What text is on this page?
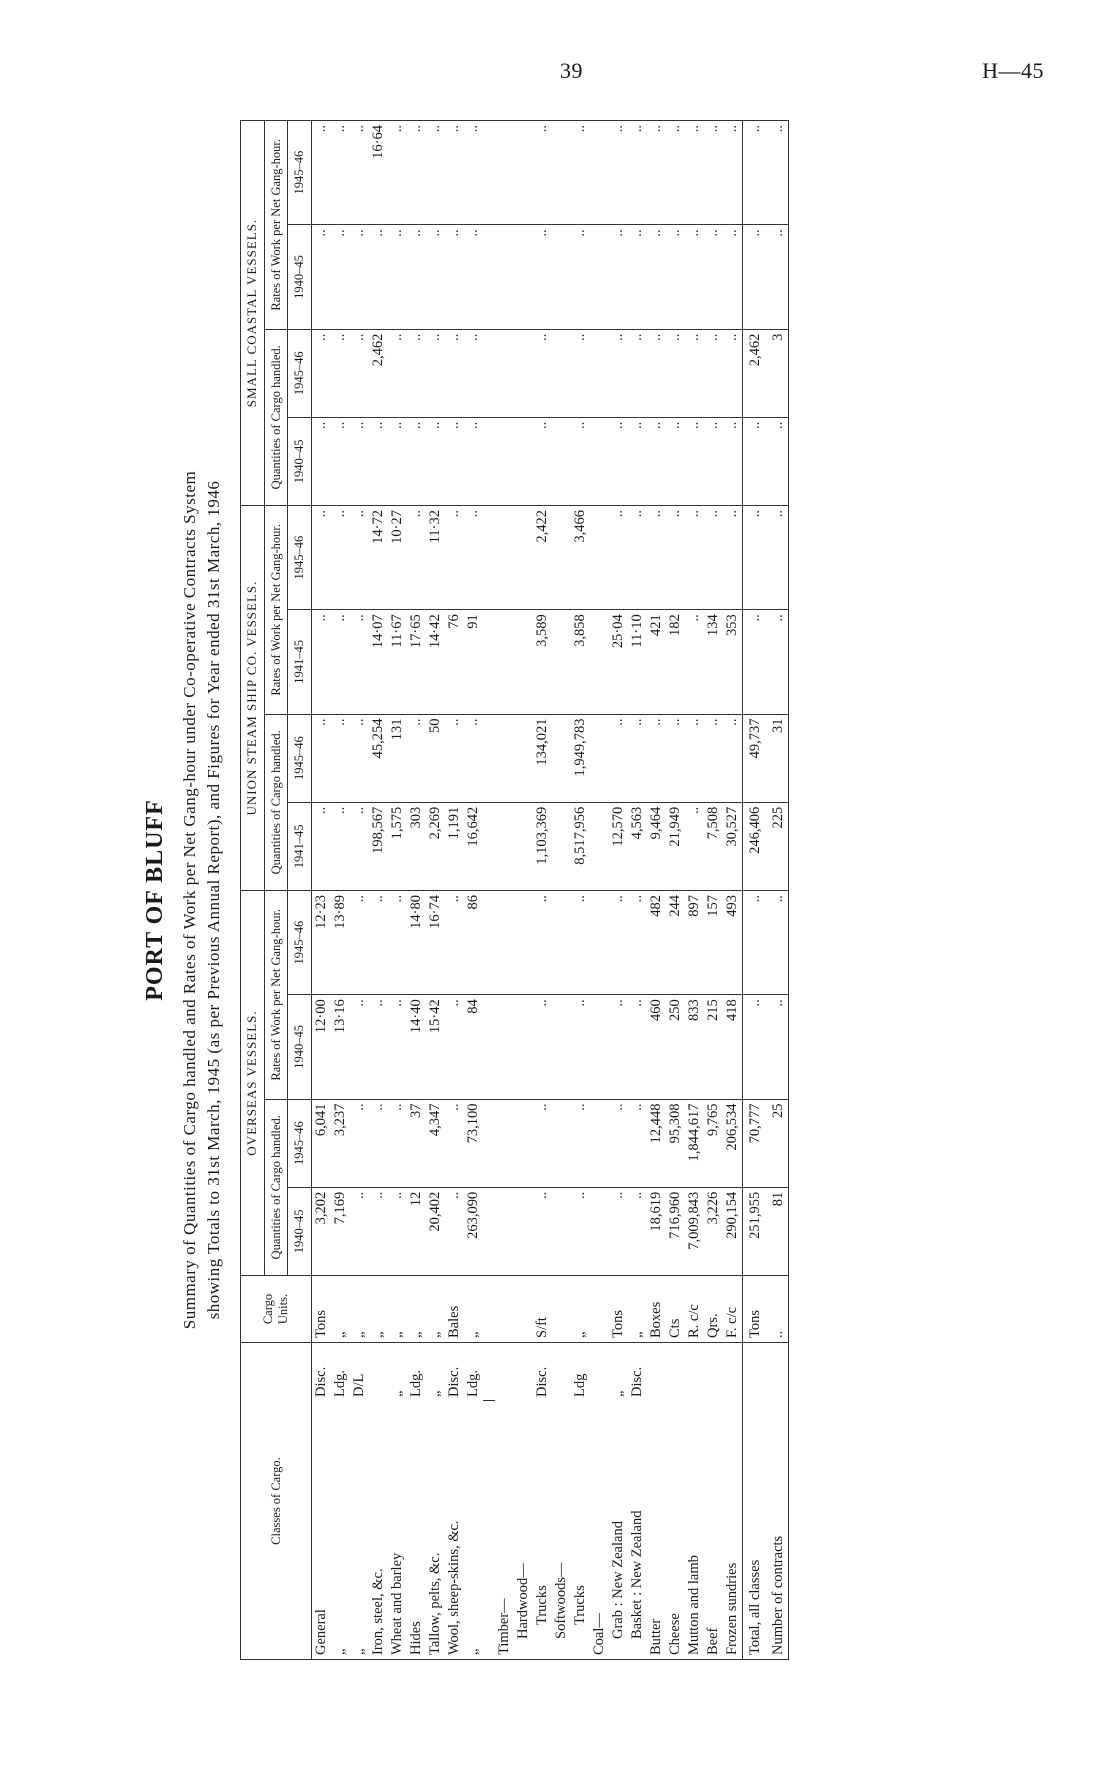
39	H—45
PORT OF BLUFF Summary of Quantities of Cargo handled and Rates of Work per Net Gang-hour under Co-operative Contracts System showing Totals to 31st March, 1945 (as per Previous Annual Report), and Figures for Year ended 31st March, 1946
Classes of Cargo.		Cargo Units.	OVERSEAS VESSELS.				UNION STEAM SHIP CO. VESSELS.				SMALL COASTAL VESSELS.			
			Quantities of Cargo handled.		Rates of Work per Net Gang-hour.		Quantities of Cargo handled.		Rates of Work per Net Gang-hour.		Quantities of Cargo handled.		Rates of Work per Net Gang-hour.	
			1940–45	1945–46	1940–45	1945–46	1941–45	1945–46	1941–45	1945–46	1940–45	1945–46	1940–45	1945–46
General	Disc.	Tons	3,202	6,041	12·00	12·23	..	..	..	..	..	..	..	..
„	Ldg.	„	7,169	3,237	13·16	13·89	..	..	..	..	..	..	..	..
„	D/L	„	..	..	..	..	..	..	..	..	..	..	..	..
Iron, steel, &c.		„	..	..	..	..	198,567	45,254	14·07	14·72	..	2,462	..	16·64
Wheat and barley	„	„	..	..	..	..	1,575	131	11·67	10·27	..	..	..	..
Hides	Ldg.	„	12	37	14·40	14·80	303	..	17·65	..	..	..	..	..
Tallow, pelts, &c.	„	„	20,402	4,347	15·42	16·74	2,269	50	14·42	11·32	..	..	..	..
Wool, sheep-skins, &c.	Disc.	Bales	..	..	..	..	1,191	..	76	..	..	..	..	..
„	Ldg.	„	263,090	73,100	84	86	16,642	..	91	..	..	..	..	..

Timber—														
Hardwood—														
Trucks	Disc.	S/ft	..	..	..	..	1,103,369	134,021	3,589	2,422	..	..	..	..
Softwoods—														
Trucks	Ldg	„	..	..	..	..	8,517,956	1,949,783	3,858	3,466	..	..	..	..
Coal—														
Grab : New Zealand	„	Tons	..	..	..	..	12,570	..	25·04	..	..	..	..	..
Basket : New Zealand	Disc.	„	..	..	..	..	4,563	..	11·10	..	..	..	..	..
Butter		Boxes	18,619	12,448	460	482	9,464	..	421	..	..	..	..	..
Cheese		Cts	716,960	95,308	250	244	21,949	..	182	..	..	..	..	..
Mutton and lamb		R. c/c	7,009,843	1,844,617	833	897	..	..	..	..	..	..	..	..
Beef		Qrs.	3,226	9,765	215	157	7,508	..	134	..	..	..	..	..
Frozen sundries		F. c/c	290,154	206,534	418	493	30,527	..	353	..	..	..	..	..
Total, all classes		Tons	251,955	70,777	..	..	246,406	49,737	..	..	..	2,462	..	..
Number of contracts		..	81	25	..	..	225	31	..	..	..	3	..	..
